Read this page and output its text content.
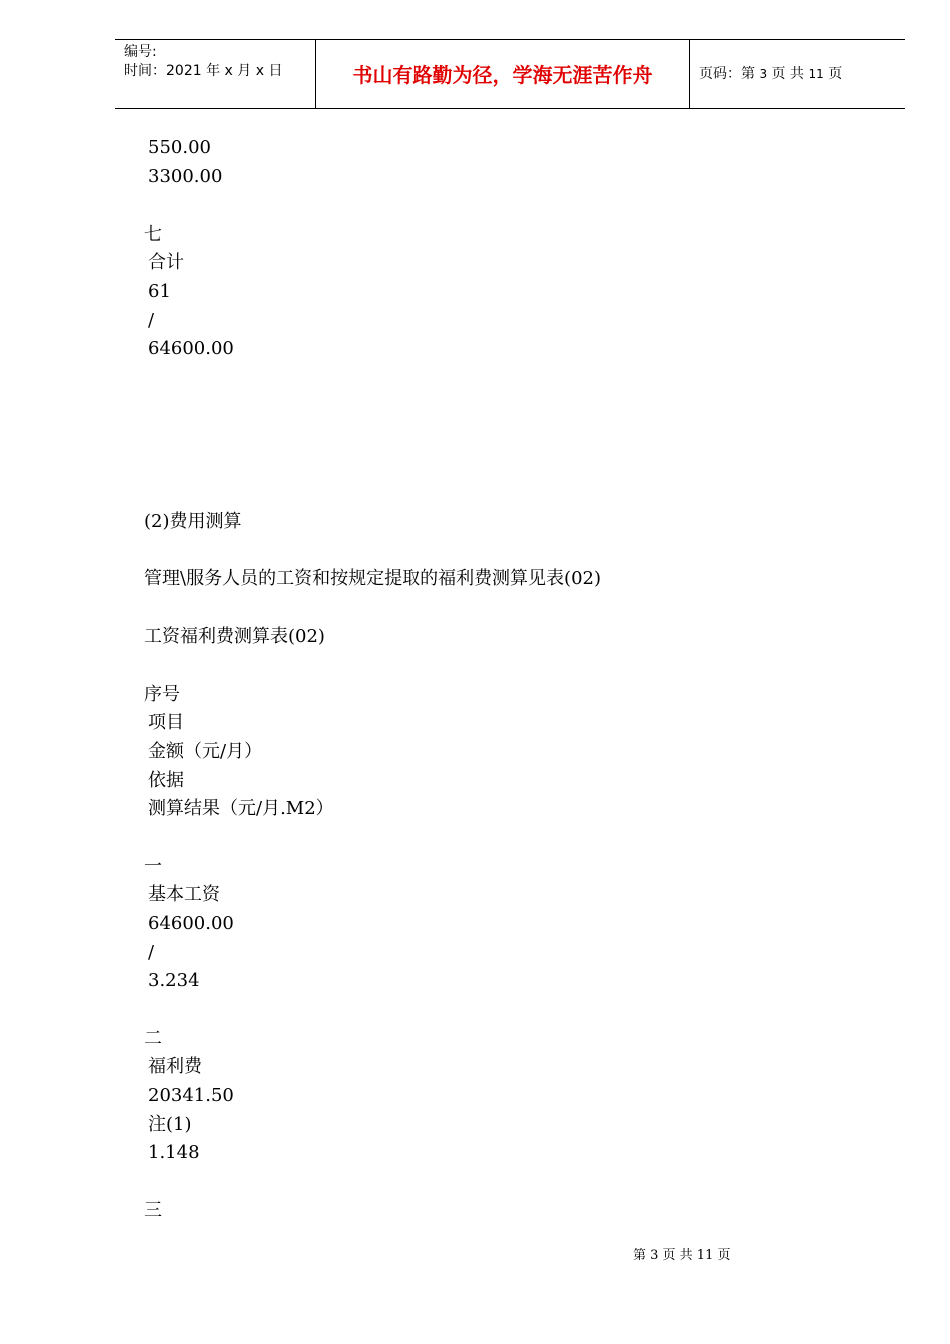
编号:
时间：2021 年 x 月 x 日	书山有路勤为径，学海无涯苦作舟	页码：第 3 页 共 11 页
550.00
3300.00
七
合计
61
/
64600.00
(2)费用测算
管理\服务人员的工资和按规定提取的福利费测算见表(02)
工资福利费测算表(02)
序号
项目
金额（元/月）
依据
测算结果（元/月.M2）
一
基本工资
64600.00
/
3.234
二
福利费
20341.50
注(1)
1.148
三
第 3 页 共 11 页
